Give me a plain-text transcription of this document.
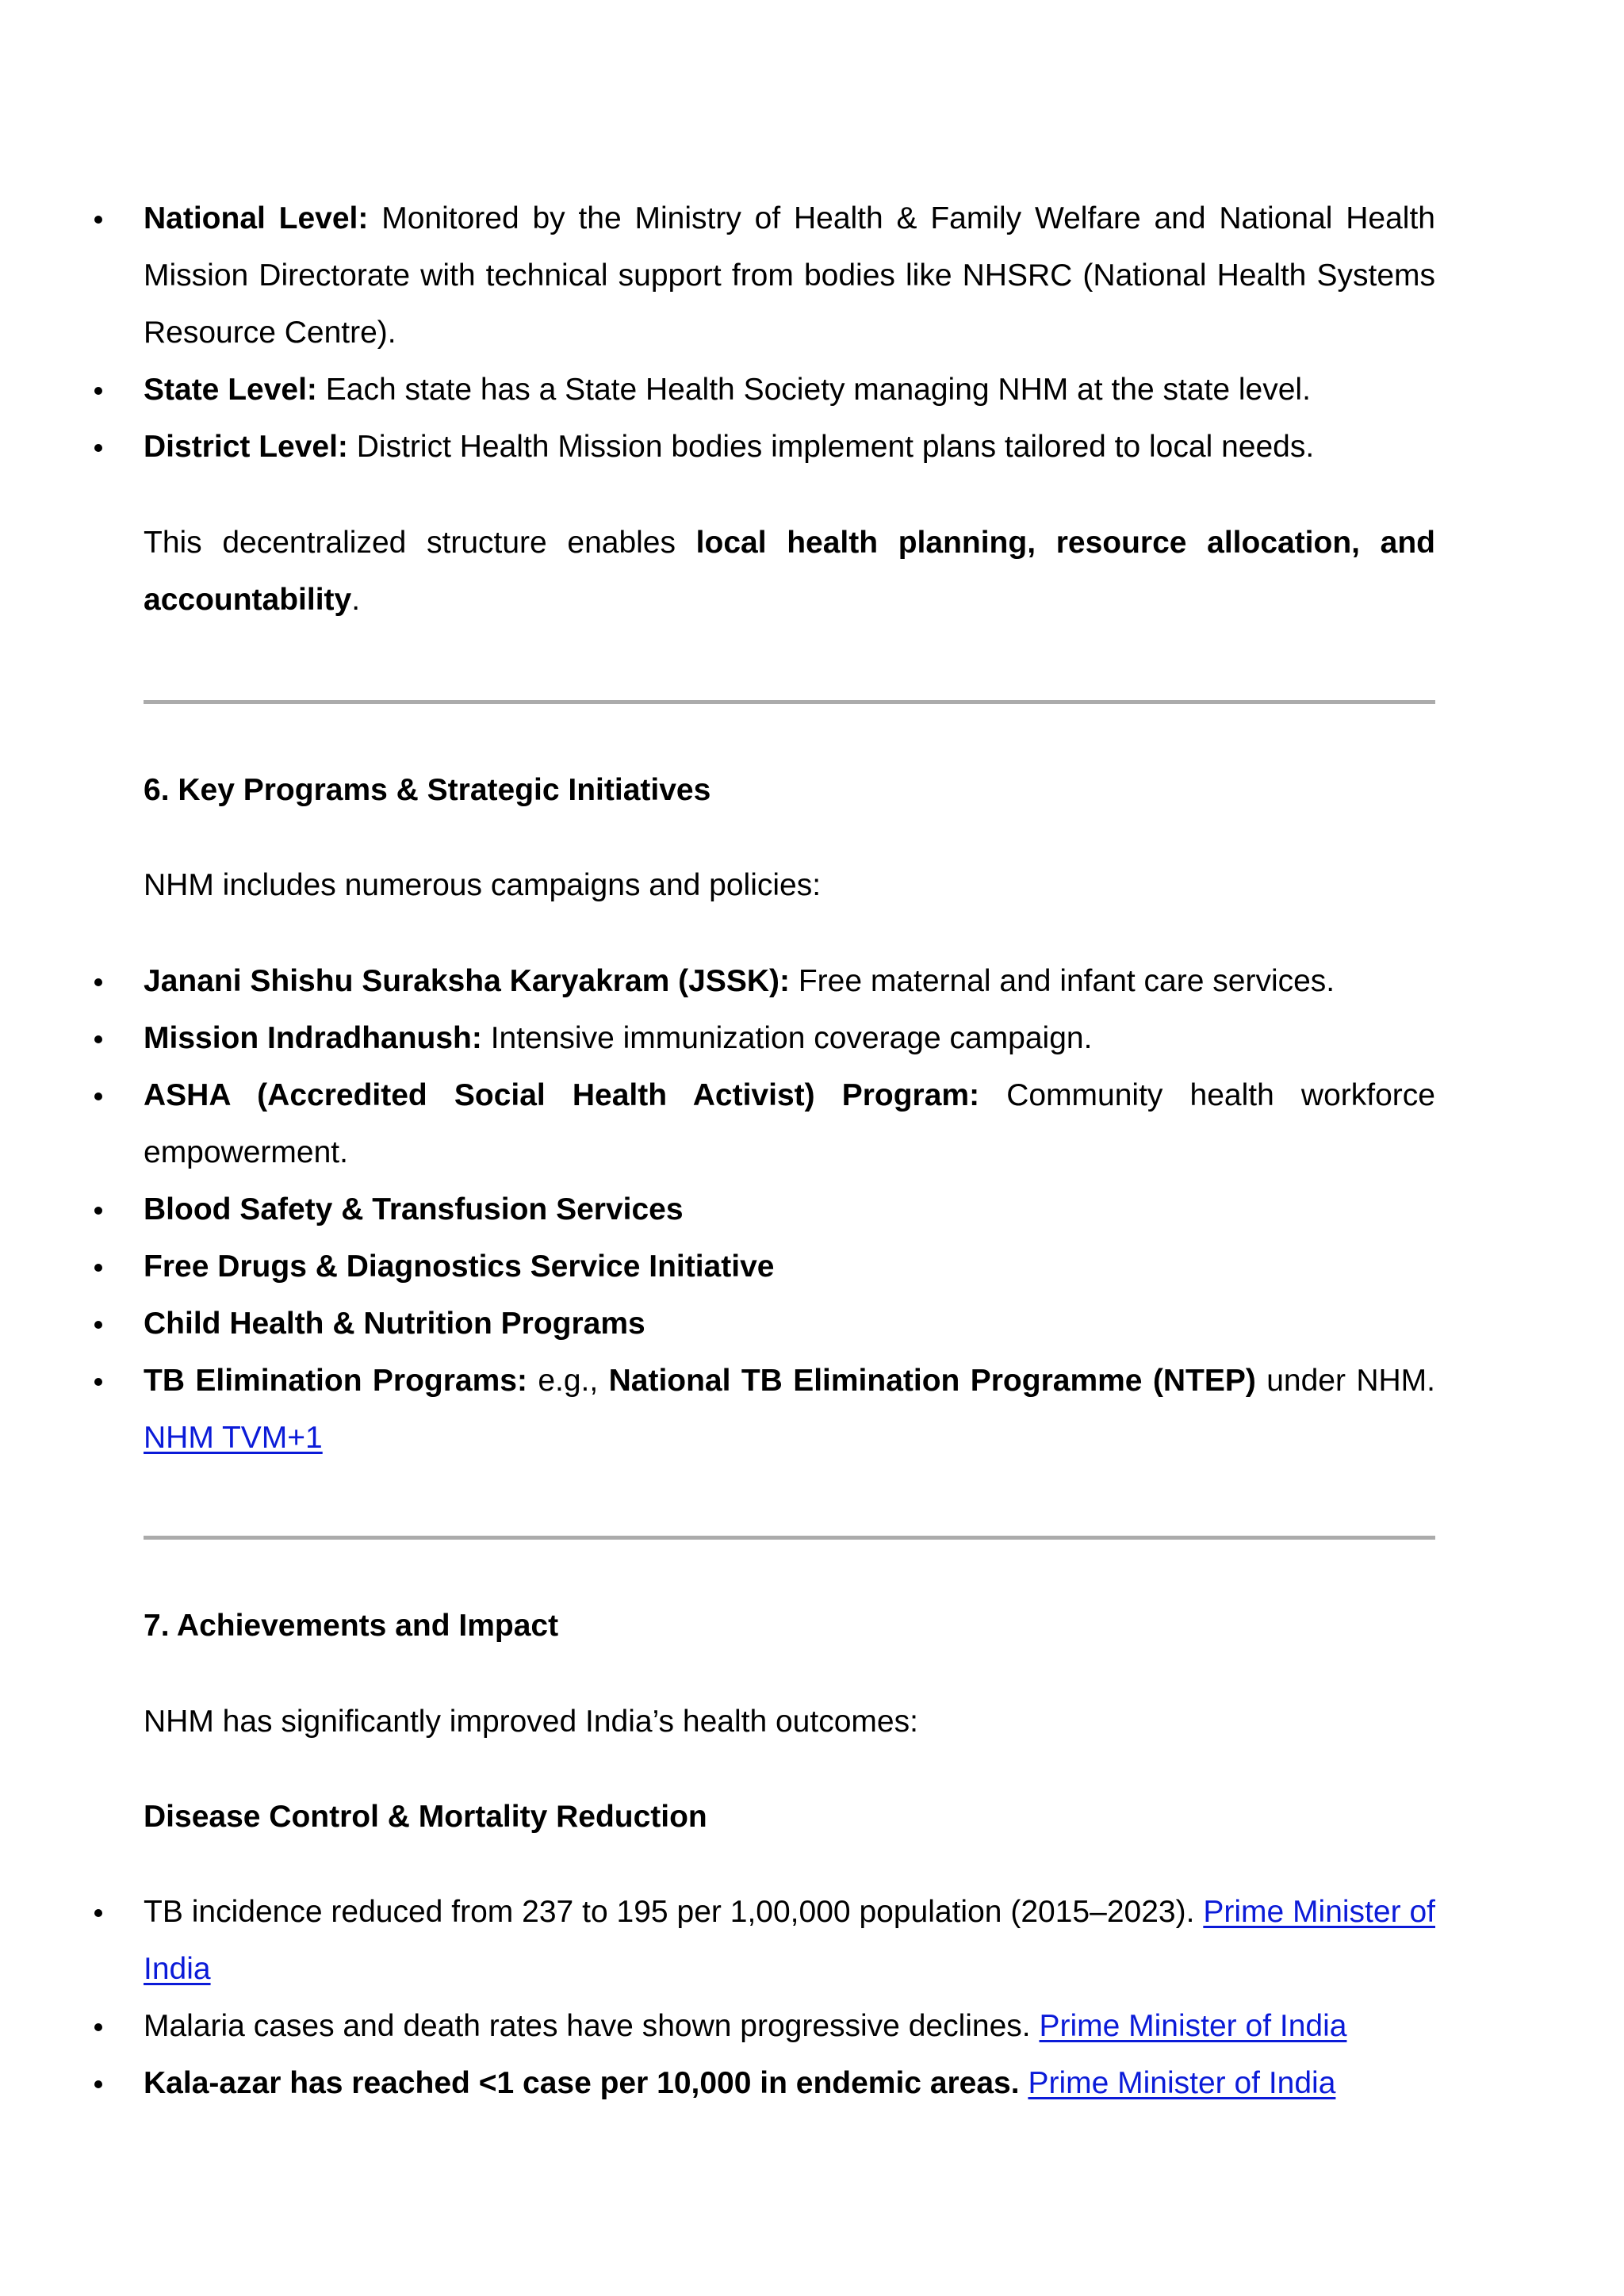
National Level: Monitored by the Ministry of Health & Family Welfare and National Health Mission Directorate with technical support from bodies like NHSRC (National Health Systems Resource Centre).
State Level: Each state has a State Health Society managing NHM at the state level.
District Level: District Health Mission bodies implement plans tailored to local needs.
This decentralized structure enables local health planning, resource allocation, and accountability.
6. Key Programs & Strategic Initiatives
NHM includes numerous campaigns and policies:
Janani Shishu Suraksha Karyakram (JSSK): Free maternal and infant care services.
Mission Indradhanush: Intensive immunization coverage campaign.
ASHA (Accredited Social Health Activist) Program: Community health workforce empowerment.
Blood Safety & Transfusion Services
Free Drugs & Diagnostics Service Initiative
Child Health & Nutrition Programs
TB Elimination Programs: e.g., National TB Elimination Programme (NTEP) under NHM. NHM TVM+1
7. Achievements and Impact
NHM has significantly improved India’s health outcomes:
Disease Control & Mortality Reduction
TB incidence reduced from 237 to 195 per 1,00,000 population (2015–2023). Prime Minister of India
Malaria cases and death rates have shown progressive declines. Prime Minister of India
Kala-azar has reached <1 case per 10,000 in endemic areas. Prime Minister of India
